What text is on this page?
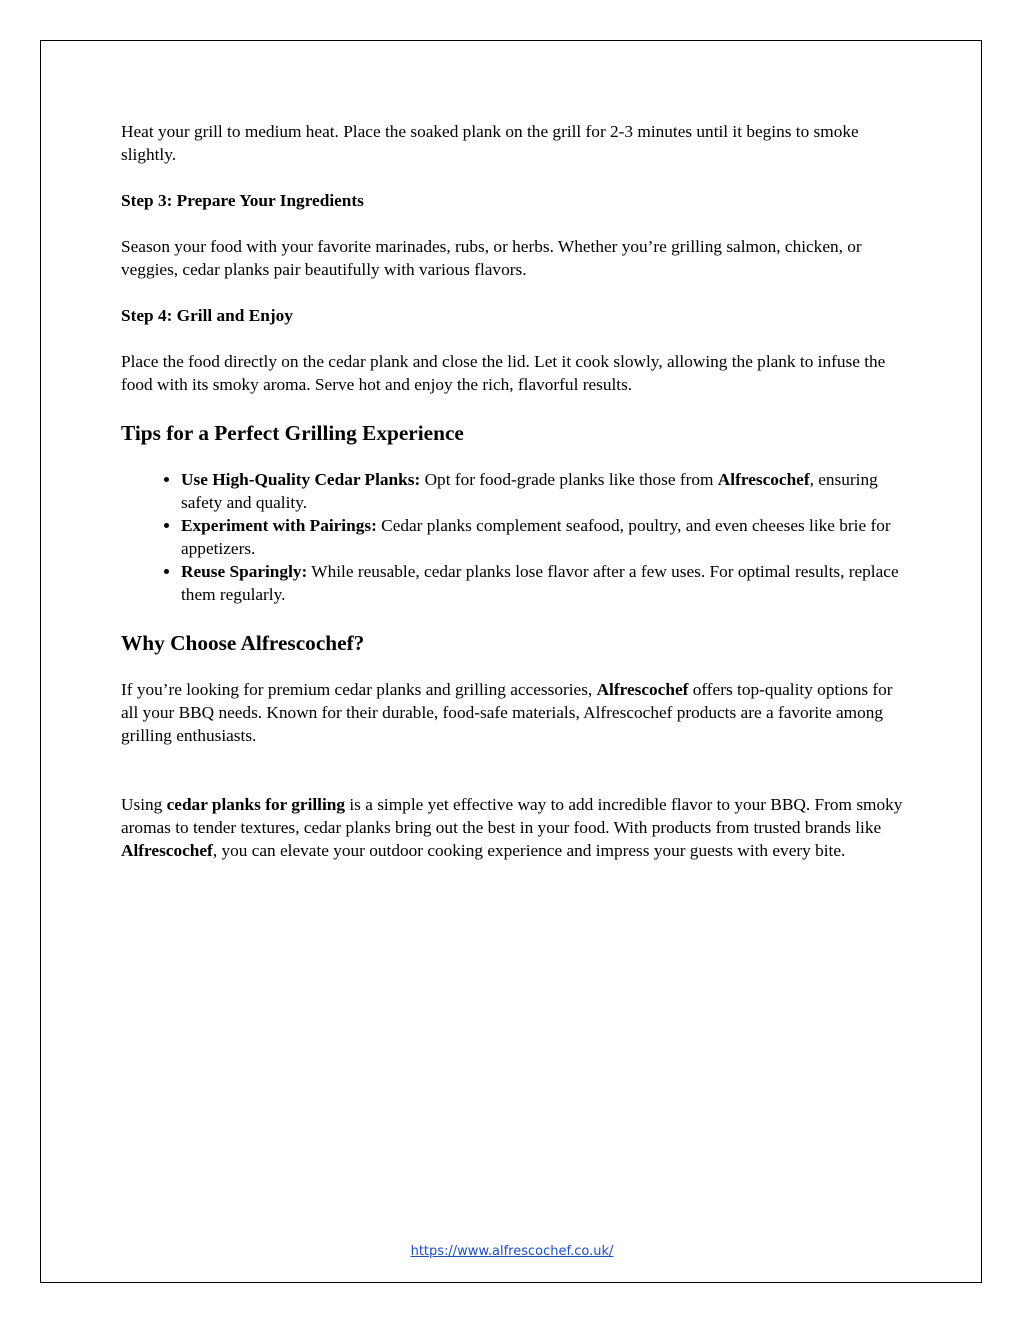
Heat your grill to medium heat. Place the soaked plank on the grill for 2-3 minutes until it begins to smoke slightly.

Step 3: Prepare Your Ingredients

Season your food with your favorite marinades, rubs, or herbs. Whether you’re grilling salmon, chicken, or veggies, cedar planks pair beautifully with various flavors.

Step 4: Grill and Enjoy

Place the food directly on the cedar plank and close the lid. Let it cook slowly, allowing the plank to infuse the food with its smoky aroma. Serve hot and enjoy the rich, flavorful results.

Tips for a Perfect Grilling Experience
• Use High-Quality Cedar Planks: Opt for food-grade planks like those from Alfrescochef, ensuring safety and quality.
• Experiment with Pairings: Cedar planks complement seafood, poultry, and even cheeses like brie for appetizers.
• Reuse Sparingly: While reusable, cedar planks lose flavor after a few uses. For optimal results, replace them regularly.
Why Choose Alfrescochef?

If you’re looking for premium cedar planks and grilling accessories, Alfrescochef offers top-quality options for all your BBQ needs. Known for their durable, food-safe materials, Alfrescochef products are a favorite among grilling enthusiasts.

Using cedar planks for grilling is a simple yet effective way to add incredible flavor to your BBQ. From smoky aromas to tender textures, cedar planks bring out the best in your food. With products from trusted brands like Alfrescochef, you can elevate your outdoor cooking experience and impress your guests with every bite.

https://www.alfrescochef.co.uk/
